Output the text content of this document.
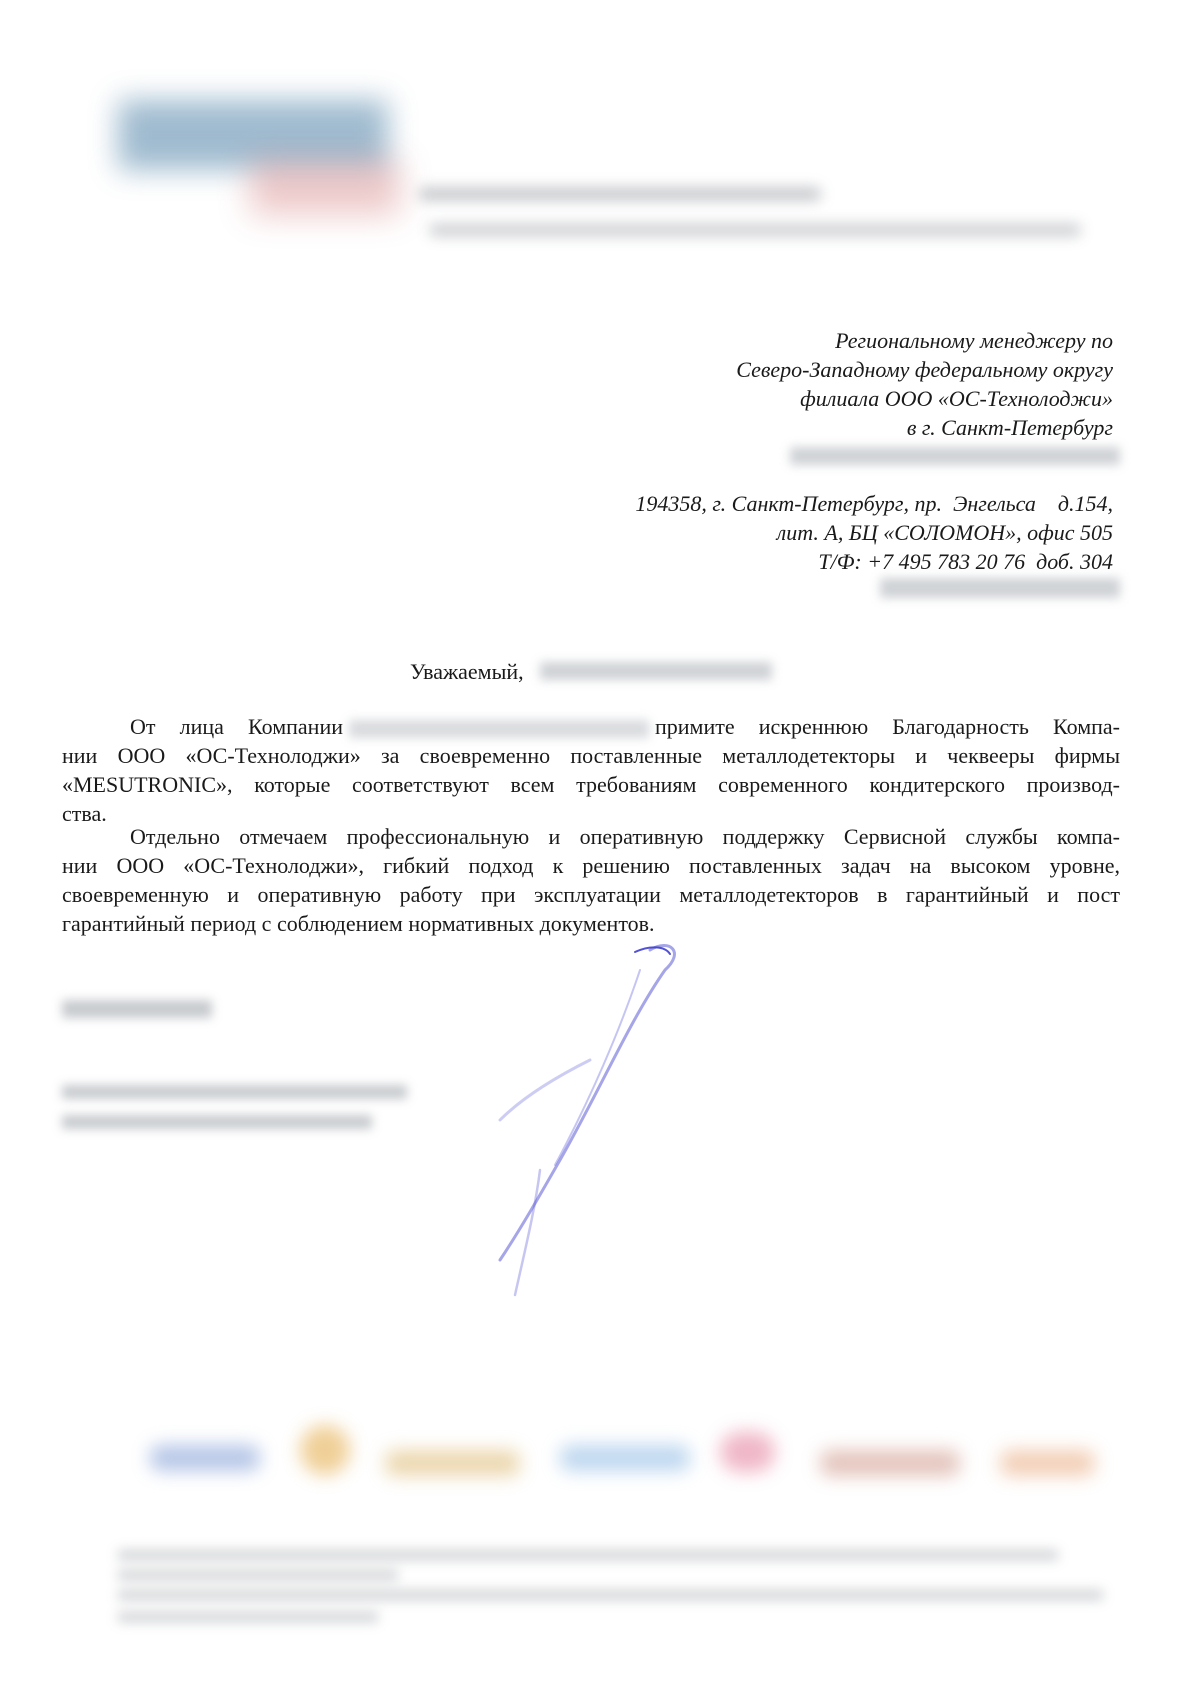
Региональному менеджеру по
Северо-Западному федеральному округу
филиала ООО «ОС-Технолоджи»
в г. Санкт-Петербург
194358, г. Санкт-Петербург, пр.  Энгельса    д.154,
лит. А, БЦ «СОЛОМОН», офис 505
Т/Ф: +7 495 783 20 76  доб. 304
Уважаемый,
От лица Компании	примите искреннюю Благодарность Компа-
нии ООО «ОС-Технолоджи» за своевременно поставленные металлодетекторы и чеквееры фирмы
«MESUTRONIC», которые соответствуют всем требованиям современного кондитерского производ-
ства.
Отдельно отмечаем профессиональную и оперативную поддержку Сервисной службы компа-
нии ООО «ОС-Технолоджи», гибкий подход к решению поставленных задач на высоком уровне,
своевременную и оперативную работу при эксплуатации металлодетекторов в гарантийный и пост
гарантийный период с соблюдением нормативных документов.
